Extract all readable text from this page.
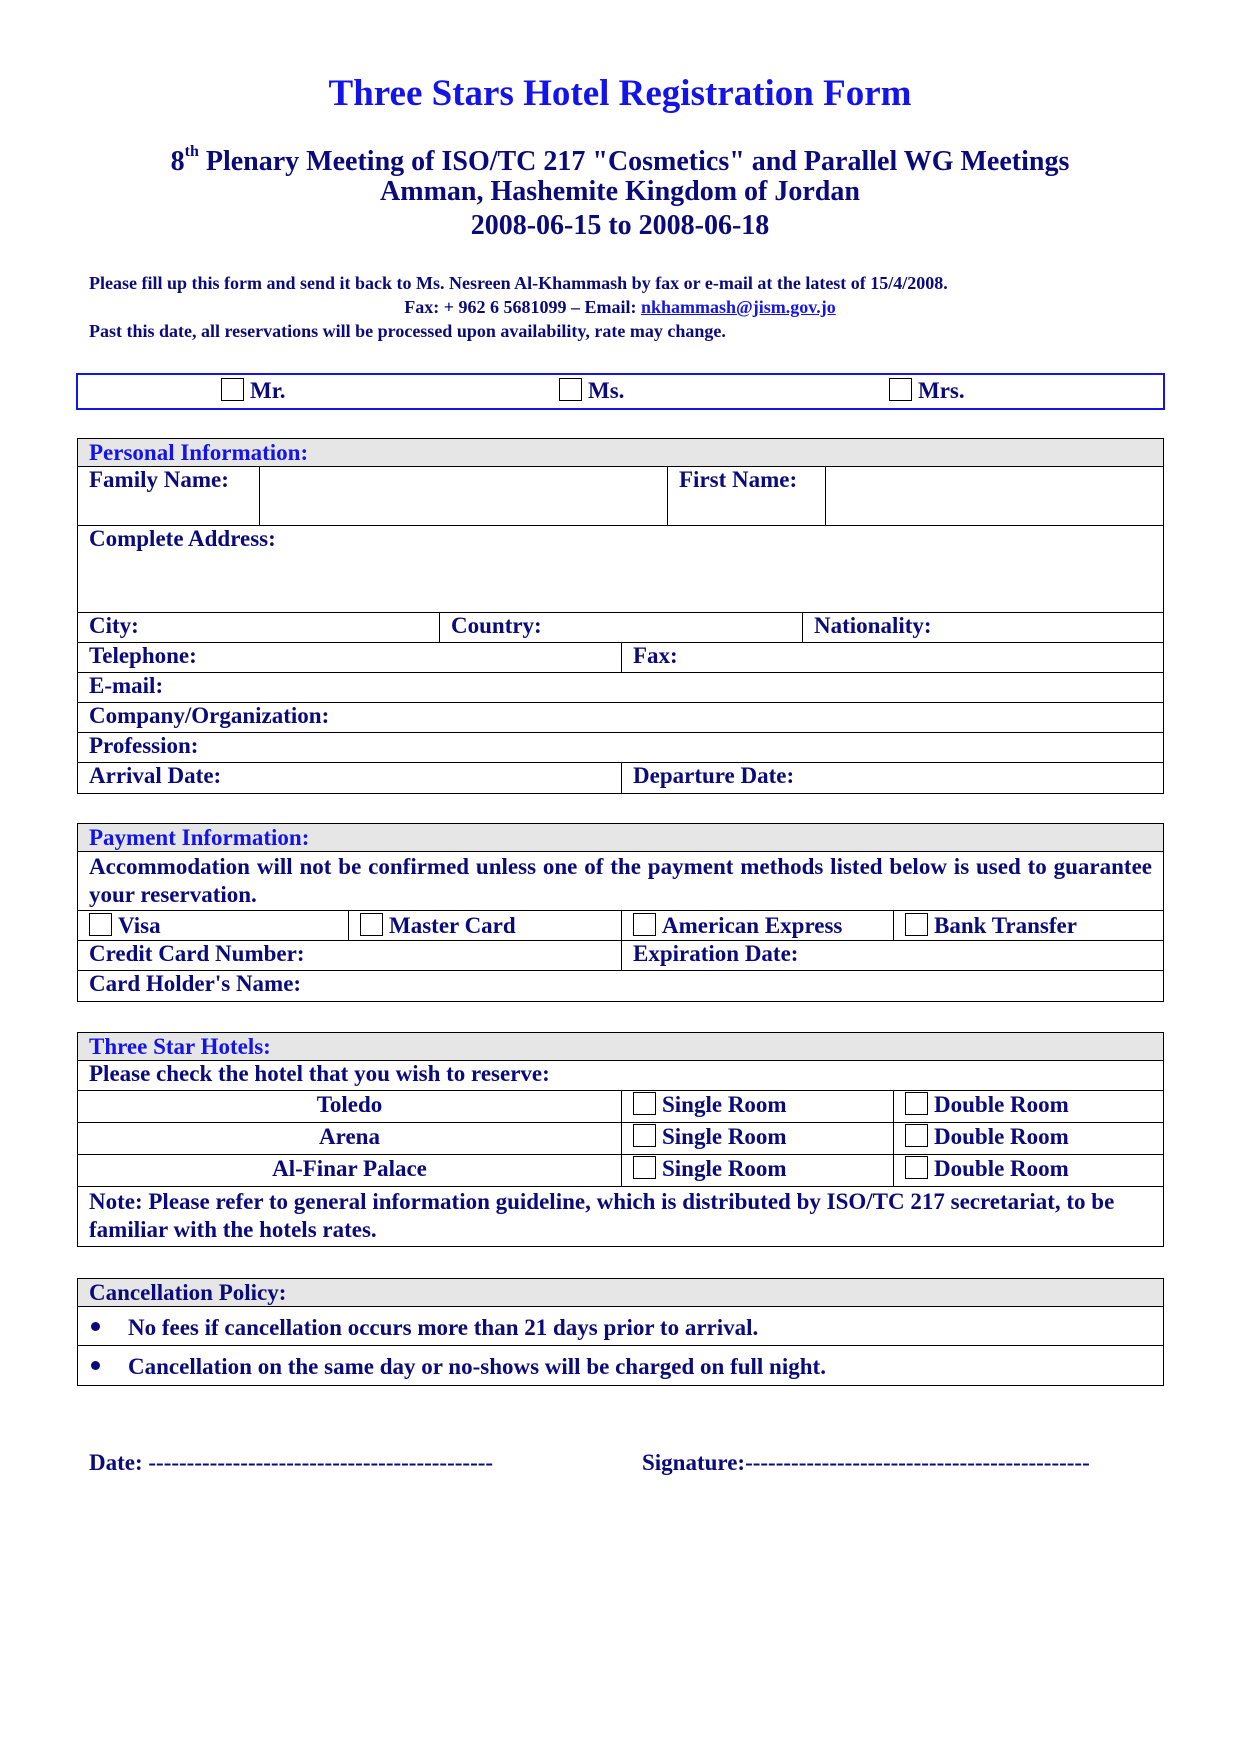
Three Stars Hotel Registration Form
8th Plenary Meeting of ISO/TC 217 "Cosmetics" and Parallel WG Meetings
Amman, Hashemite Kingdom of Jordan
2008-06-15 to 2008-06-18
Please fill up this form and send it back to Ms. Nesreen Al-Khammash by fax or e-mail at the latest of 15/4/2008.
Fax: + 962 6 5681099 – Email: nkhammash@jism.gov.jo
Past this date, all reservations will be processed upon availability, rate may change.
Mr.	Ms.	Mrs.
Personal Information:
Family Name:	First Name:
Complete Address:
City:	Country:	Nationality:
Telephone:	Fax:
E-mail:
Company/Organization:
Profession:
Arrival Date:	Departure Date:
Payment Information:
Accommodation will not be confirmed unless one of the payment methods listed below is used to guarantee your reservation.
Visa	Master Card	American Express	Bank Transfer
Credit Card Number:	Expiration Date:
Card Holder's Name:
Three Star Hotels:
Please check the hotel that you wish to reserve:
Toledo	Single Room	Double Room
Arena	Single Room	Double Room
Al-Finar Palace	Single Room	Double Room
Note: Please refer to general information guideline, which is distributed by ISO/TC 217 secretariat, to be familiar with the hotels rates.
Cancellation Policy:
No fees if cancellation occurs more than 21 days prior to arrival.
Cancellation on the same day or no-shows will be charged on full night.
Date: ---------------------------------------------	Signature:---------------------------------------------
